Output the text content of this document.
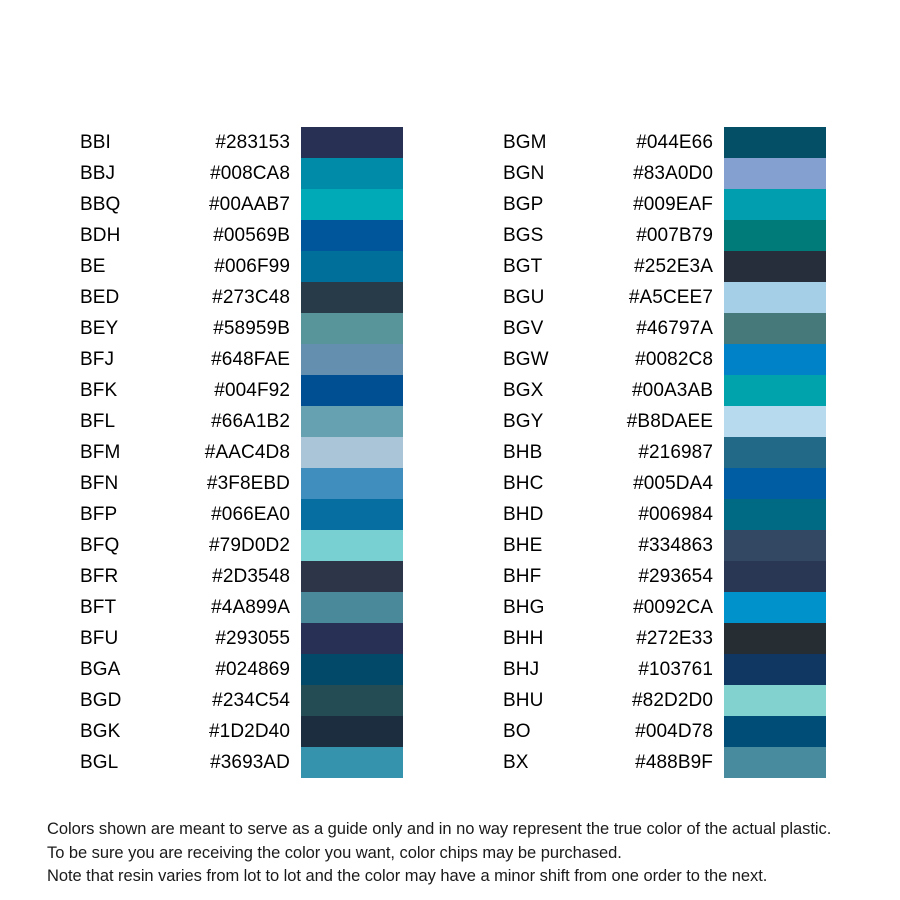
BBI	#283153
BBJ	#008CA8
BBQ	#00AAB7
BDH	#00569B
BE	#006F99
BED	#273C48
BEY	#58959B
BFJ	#648FAE
BFK	#004F92
BFL	#66A1B2
BFM	#AAC4D8
BFN	#3F8EBD
BFP	#066EA0
BFQ	#79D0D2
BFR	#2D3548
BFT	#4A899A
BFU	#293055
BGA	#024869
BGD	#234C54
BGK	#1D2D40
BGL	#3693AD
BGM	#044E66
BGN	#83A0D0
BGP	#009EAF
BGS	#007B79
BGT	#252E3A
BGU	#A5CEE7
BGV	#46797A
BGW	#0082C8
BGX	#00A3AB
BGY	#B8DAEE
BHB	#216987
BHC	#005DA4
BHD	#006984
BHE	#334863
BHF	#293654
BHG	#0092CA
BHH	#272E33
BHJ	#103761
BHU	#82D2D0
BO	#004D78
BX	#488B9F
Colors shown are meant to serve as a guide only and in no way represent the true color of the actual plastic.
To be sure you are receiving the color you want, color chips may be purchased.
Note that resin varies from lot to lot and the color may have a minor shift from one order to the next.
